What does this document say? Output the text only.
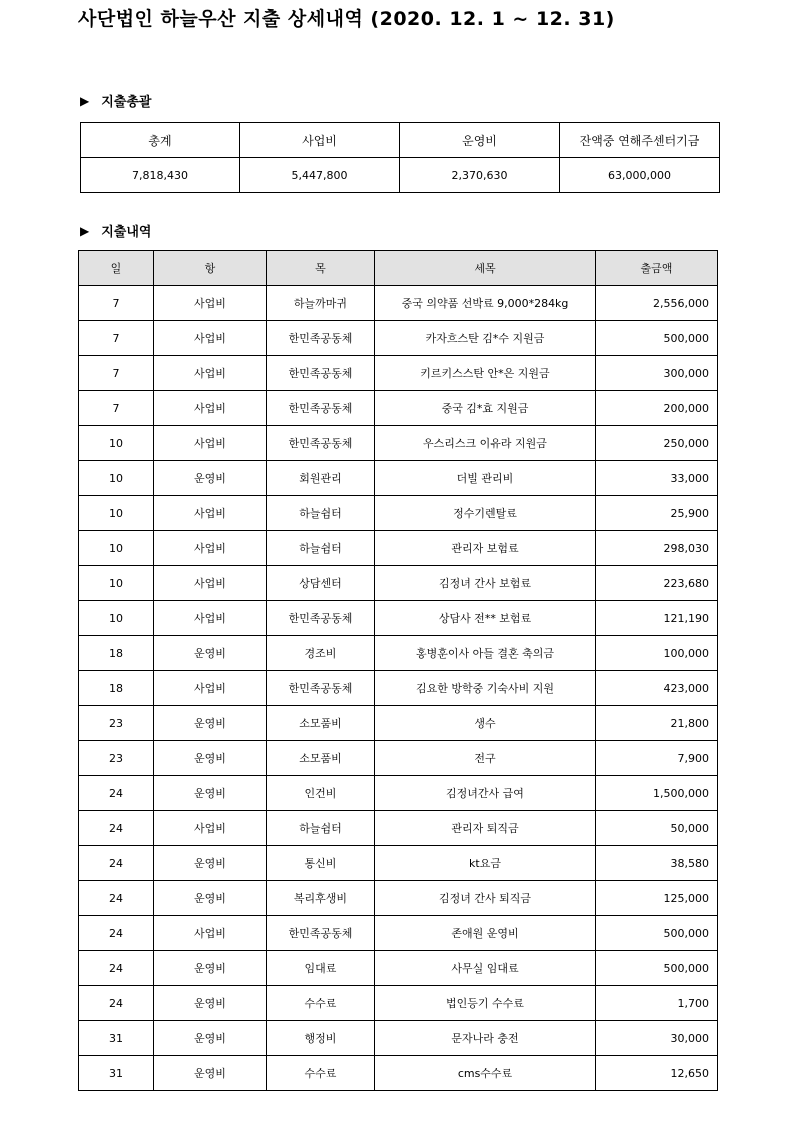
사단법인 하늘우산 지출 상세내역 (2020. 12. 1 ~ 12. 31)
▶ 지출총괄
총계	사업비	운영비	잔액중 연해주센터기금
7,818,430	5,447,800	2,370,630	63,000,000
▶ 지출내역
일	항	목	세목	출금액
7	사업비	하늘까마귀	중국 의약품 선박료 9,000*284kg	2,556,000
7	사업비	한민족공동체	카자흐스탄 김*수 지원금	500,000
7	사업비	한민족공동체	키르키스스탄 안*은 지원금	300,000
7	사업비	한민족공동체	중국 김*효 지원금	200,000
10	사업비	한민족공동체	우스리스크 이유라 지원금	250,000
10	운영비	회원관리	더빌 관리비	33,000
10	사업비	하늘쉼터	정수기렌탈료	25,900
10	사업비	하늘쉼터	관리자 보험료	298,030
10	사업비	상담센터	김정녀 간사 보험료	223,680
10	사업비	한민족공동체	상담사 전** 보험료	121,190
18	운영비	경조비	홍병훈이사 아들 결혼 축의금	100,000
18	사업비	한민족공동체	김요한 방학중 기숙사비 지원	423,000
23	운영비	소모품비	생수	21,800
23	운영비	소모품비	전구	7,900
24	운영비	인건비	김정녀간사 급여	1,500,000
24	사업비	하늘쉼터	관리자 퇴직금	50,000
24	운영비	통신비	kt요금	38,580
24	운영비	복리후생비	김정녀 간사 퇴직금	125,000
24	사업비	한민족공동체	존애원 운영비	500,000
24	운영비	임대료	사무실 임대료	500,000
24	운영비	수수료	법인등기 수수료	1,700
31	운영비	행정비	문자나라 충전	30,000
31	운영비	수수료	cms수수료	12,650
